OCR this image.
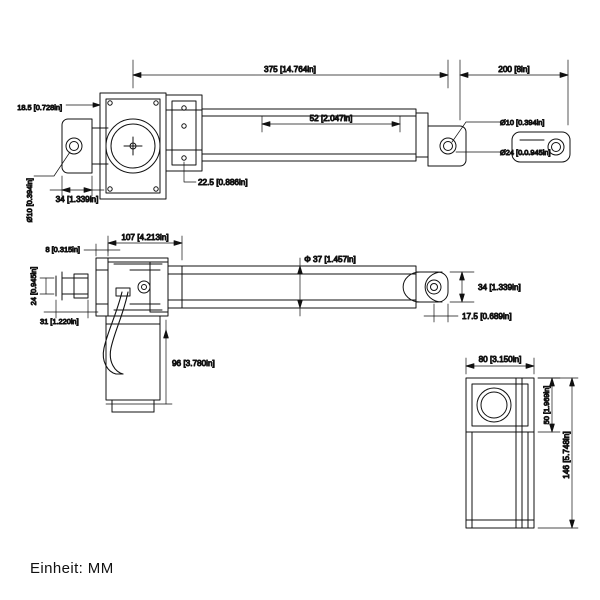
375 [14.764in]	200 [8in]
18.5 [0.728in]
52 [2.047in]	Ø10 [0.394in]
Ø24 [0.0.945in]
Ø10 [0.394in]	34 [1.339in]
22.5 [0.886in]
107 [4.213in]
Φ 37 [1.457in]
8 [0.315in]
24 [0.945in]
31 [1.220in]
34 [1.339in]
17.5 [0.689in]
96 [3.780in]	80 [3.150in]
50 [1.969in]
146 [5.748in]
Einheit: MM
